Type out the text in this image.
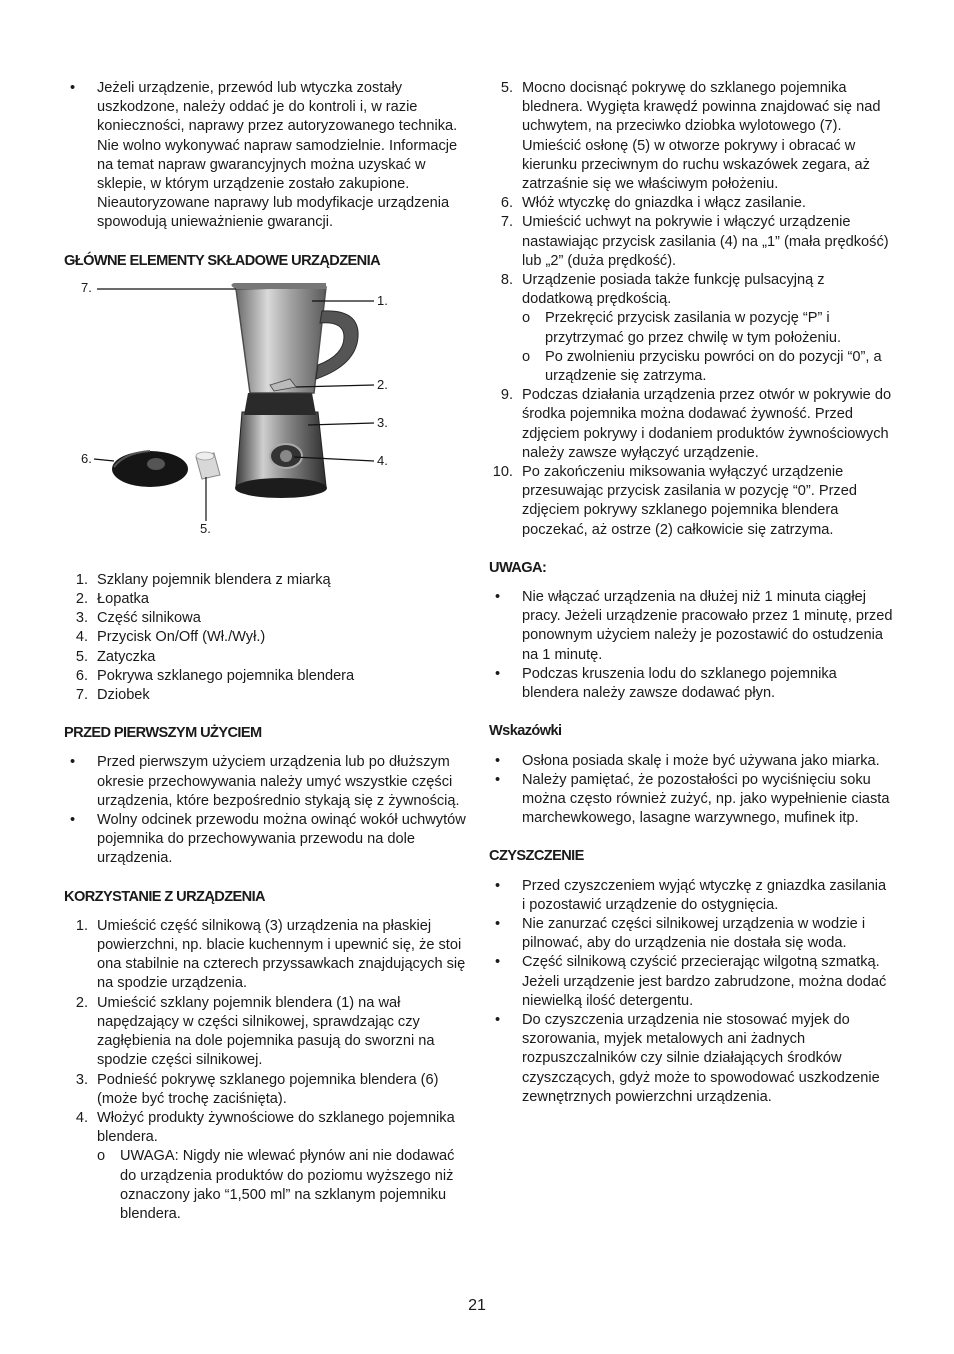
• Jeżeli urządzenie, przewód lub wtyczka zostały uszkodzone, należy oddać je do kontroli i, w razie konieczności, naprawy przez autoryzowanego technika. Nie wolno wykonywać napraw samodzielnie. Informacje na temat napraw gwarancyjnych można uzyskać w sklepie, w którym urządzenie zostało zakupione. Nieautoryzowane naprawy lub modyfikacje urządzenia spowodują unieważnienie gwarancji.
GŁÓWNE ELEMENTY SKŁADOWE URZĄDZENIA
7.
1.
2.
3.
6.	4.
5.
1. Szklany pojemnik blendera z miarką
2. Łopatka
3. Część silnikowa
4. Przycisk On/Off (Wł./Wył.)
5. Zatyczka
6. Pokrywa szklanego pojemnika blendera
7. Dziobek
PRZED PIERWSZYM UŻYCIEM
• Przed pierwszym użyciem urządzenia lub po dłuższym okresie przechowywania należy umyć wszystkie części urządzenia, które bezpośrednio stykają się z żywnością.
• Wolny odcinek przewodu można owinąć wokół uchwytów pojemnika do przechowywania przewodu na dole urządzenia.
KORZYSTANIE Z URZĄDZENIA
1. Umieścić część silnikową (3) urządzenia na płaskiej powierzchni, np. blacie kuchennym i upewnić się, że stoi ona stabilnie na czterech przyssawkach znajdujących się na spodzie urządzenia.
2. Umieścić szklany pojemnik blendera (1) na wał napędzający w części silnikowej, sprawdzając czy zagłębienia na dole pojemnika pasują do sworzni na spodzie części silnikowej.
3. Podnieść pokrywę szklanego pojemnika blendera (6) (może być trochę zaciśnięta).
4. Włożyć produkty żywnościowe do szklanego pojemnika blendera.
o UWAGA: Nigdy nie wlewać płynów ani nie dodawać do urządzenia produktów do poziomu wyższego niż oznaczony jako “1,500 ml” na szklanym pojemniku blendera.
5. Mocno docisnąć pokrywę do szklanego pojemnika blednera. Wygięta krawędź powinna znajdować się nad uchwytem, na przeciwko dziobka wylotowego (7). Umieścić osłonę (5) w otworze pokrywy i obracać w kierunku przeciwnym do ruchu wskazówek zegara, aż zatrzaśnie się we właściwym położeniu.
6. Włóż wtyczkę do gniazdka i włącz zasilanie.
7. Umieścić uchwyt na pokrywie i włączyć urządzenie nastawiając przycisk zasilania (4) na „1” (mała prędkość) lub „2” (duża prędkość).
8. Urządzenie posiada także funkcję pulsacyjną z dodatkową prędkością.
o Przekręcić przycisk zasilania w pozycję “P” i przytrzymać go przez chwilę w tym położeniu.
o Po zwolnieniu przycisku powróci on do pozycji “0”, a urządzenie się zatrzyma.
9. Podczas działania urządzenia przez otwór w pokrywie do środka pojemnika można dodawać żywność. Przed zdjęciem pokrywy i dodaniem produktów żywnościowych należy zawsze wyłączyć urządzenie.
10. Po zakończeniu miksowania wyłączyć urządzenie przesuwając przycisk zasilania w pozycję “0”. Przed zdjęciem pokrywy szklanego pojemnika blendera poczekać, aż ostrze (2) całkowicie się zatrzyma.
UWAGA:
• Nie włączać urządzenia na dłużej niż 1 minuta ciągłej pracy. Jeżeli urządzenie pracowało przez 1 minutę, przed ponownym użyciem należy je pozostawić do ostudzenia na 1 minutę.
• Podczas kruszenia lodu do szklanego pojemnika blendera należy zawsze dodawać płyn.
Wskazówki
• Osłona posiada skalę i może być używana jako miarka.
• Należy pamiętać, że pozostałości po wyciśnięciu soku można często również zużyć, np. jako wypełnienie ciasta marchewkowego, lasagne warzywnego, mufinek itp.
CZYSZCZENIE
• Przed czyszczeniem wyjąć wtyczkę z gniazdka zasilania i pozostawić urządzenie do ostygnięcia.
• Nie zanurzać części silnikowej urządzenia w wodzie i pilnować, aby do urządzenia nie dostała się woda.
• Część silnikową czyścić przecierając wilgotną szmatką. Jeżeli urządzenie jest bardzo zabrudzone, można dodać niewielką ilość detergentu.
• Do czyszczenia urządzenia nie stosować myjek do szorowania, myjek metalowych ani żadnych rozpuszczalników czy silnie działających środków czyszczących, gdyż może to spowodować uszkodzenie zewnętrznych powierzchni urządzenia.
21
